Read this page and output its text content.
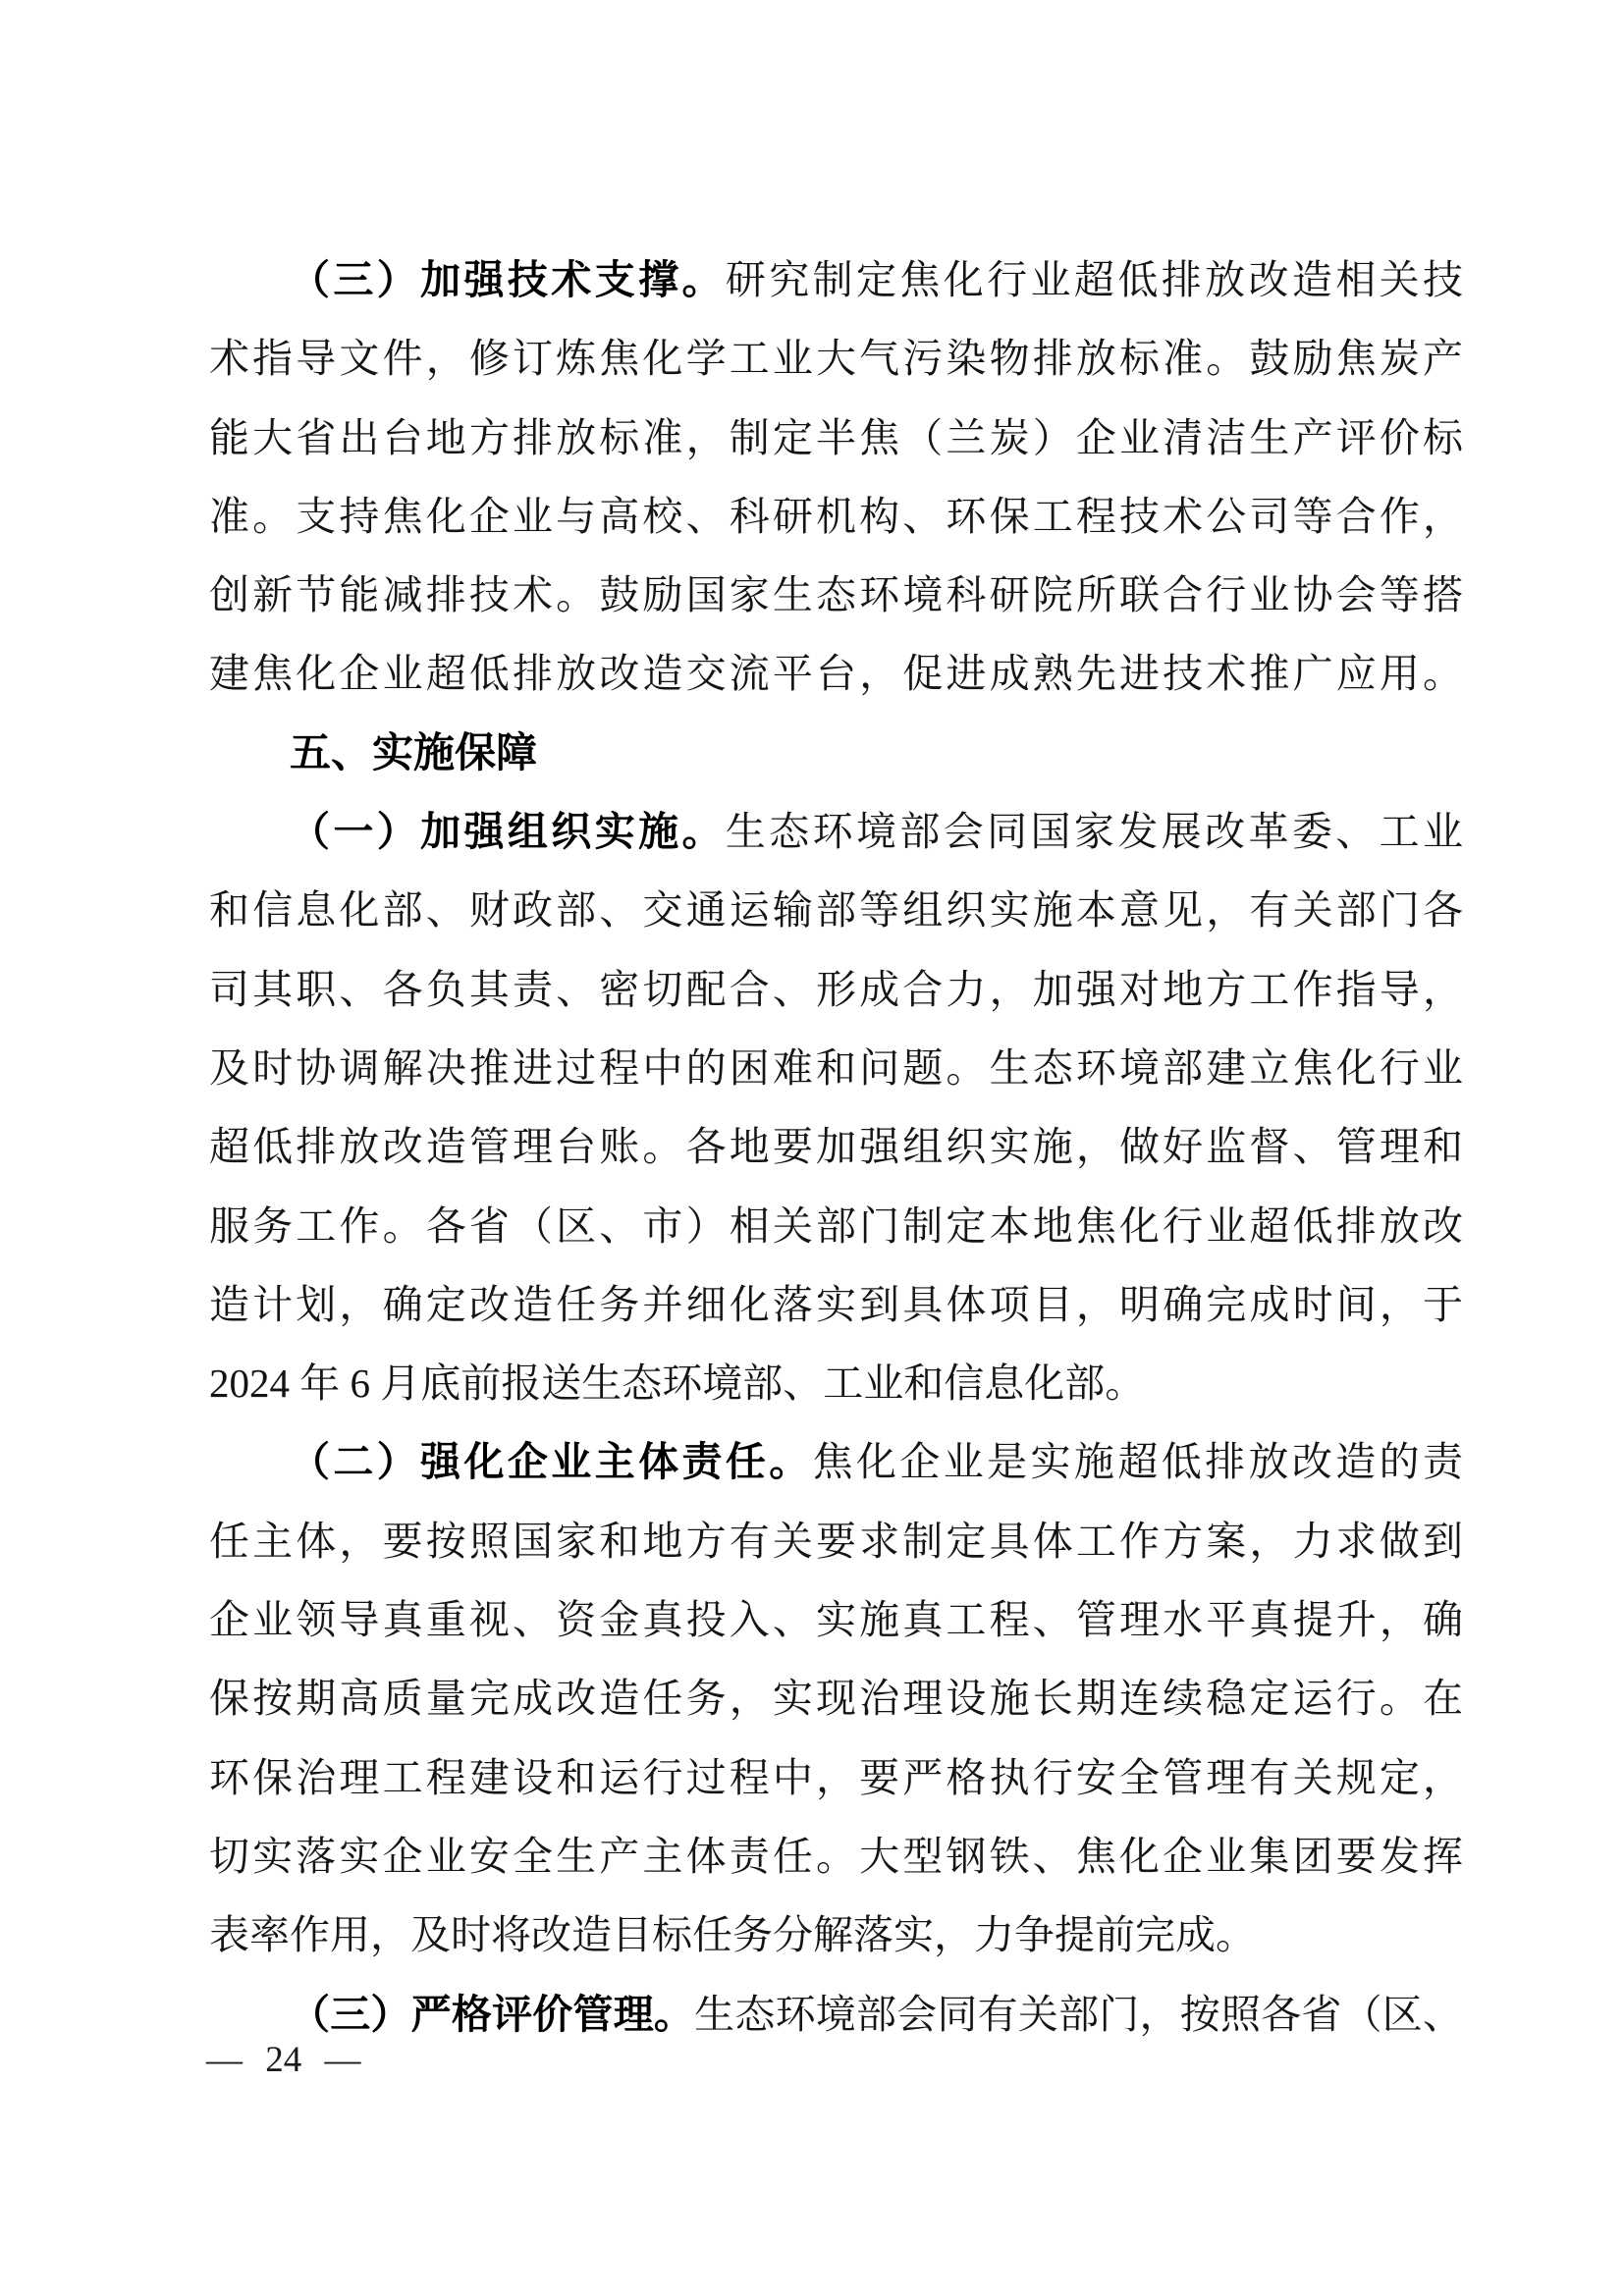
（三）加强技术支撑。研究制定焦化行业超低排放改造相关技
术指导文件，修订炼焦化学工业大气污染物排放标准。鼓励焦炭产
能大省出台地方排放标准，制定半焦（兰炭）企业清洁生产评价标
准。支持焦化企业与高校、科研机构、环保工程技术公司等合作，
创新节能减排技术。鼓励国家生态环境科研院所联合行业协会等搭
建焦化企业超低排放改造交流平台，促进成熟先进技术推广应用。
五、实施保障
（一）加强组织实施。生态环境部会同国家发展改革委、工业
和信息化部、财政部、交通运输部等组织实施本意见，有关部门各
司其职、各负其责、密切配合、形成合力，加强对地方工作指导，
及时协调解决推进过程中的困难和问题。生态环境部建立焦化行业
超低排放改造管理台账。各地要加强组织实施，做好监督、管理和
服务工作。各省（区、市）相关部门制定本地焦化行业超低排放改
造计划，确定改造任务并细化落实到具体项目，明确完成时间，于
2024 年 6 月底前报送生态环境部、工业和信息化部。
（二）强化企业主体责任。焦化企业是实施超低排放改造的责
任主体，要按照国家和地方有关要求制定具体工作方案，力求做到
企业领导真重视、资金真投入、实施真工程、管理水平真提升，确
保按期高质量完成改造任务，实现治理设施长期连续稳定运行。在
环保治理工程建设和运行过程中，要严格执行安全管理有关规定，
切实落实企业安全生产主体责任。大型钢铁、焦化企业集团要发挥
表率作用，及时将改造目标任务分解落实，力争提前完成。
（三）严格评价管理。生态环境部会同有关部门，按照各省（区、
— 24 —
